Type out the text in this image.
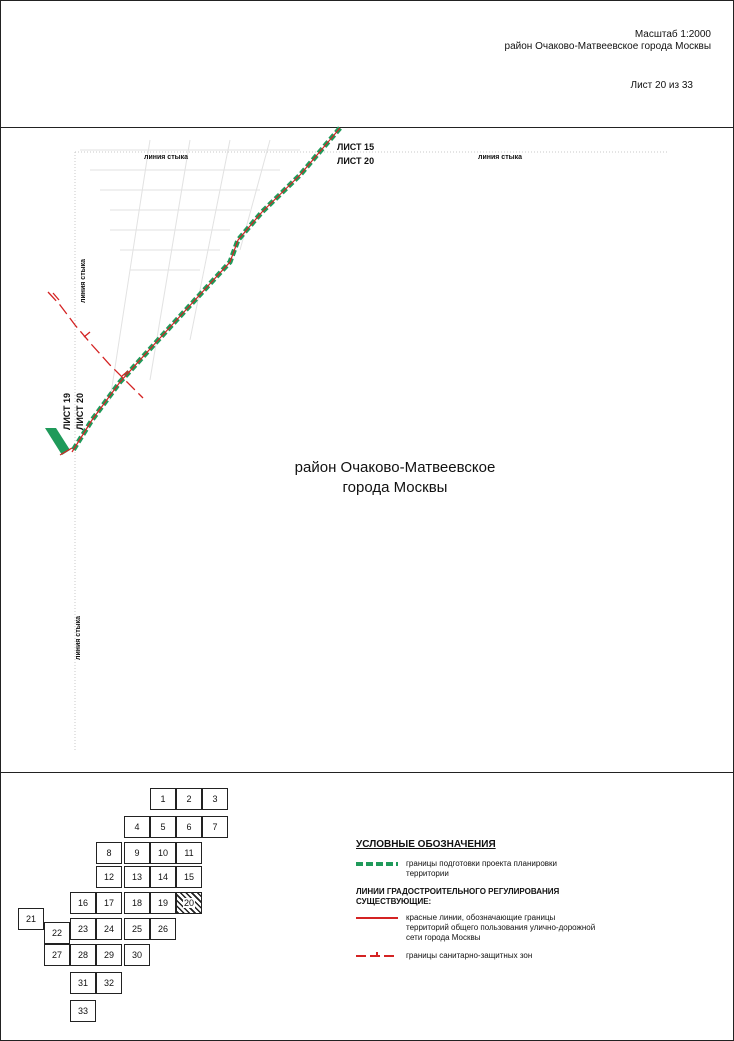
Масштаб 1:2000
район Очаково-Матвеевское города Москвы
Лист 20 из 33
ЛИСТ 15
ЛИСТ 20
линия стыка	линия стыка
ЛИСТ 19 ЛИСТ 20
линия стыка
линия стыка
район Очаково-Матвеевское
города Москвы
1	2	3
4	5	6	7
8	9	10	11
12	13	14	15
16	17	18	19	20
21
22	23	24	25	26
27	28	29	30
31	32
33
УСЛОВНЫЕ ОБОЗНАЧЕНИЯ
границы подготовки проекта планировки территории
ЛИНИИ ГРАДОСТРОИТЕЛЬНОГО РЕГУЛИРОВАНИЯ СУЩЕСТВУЮЩИЕ:
красные линии, обозначающие границы территорий общего пользования улично-дорожной сети города Москвы
границы санитарно-защитных зон
